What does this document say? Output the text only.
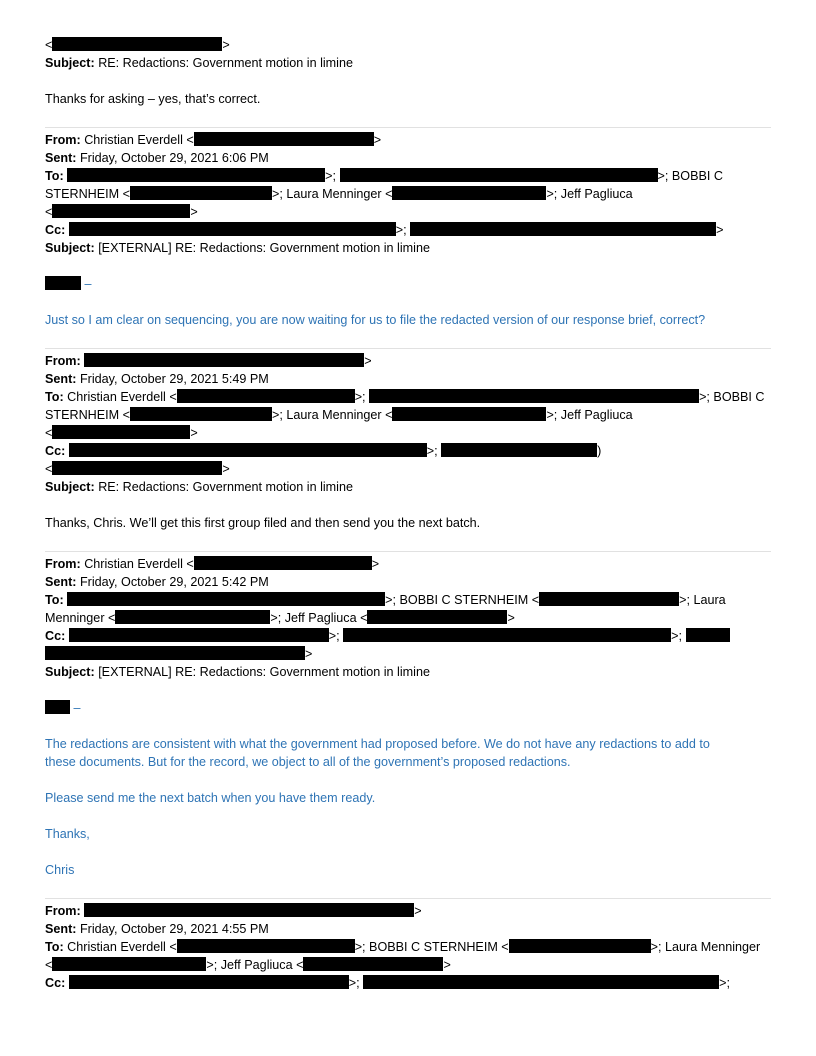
<	>
Subject: RE: Redactions: Government motion in limine
Thanks for asking – yes, that’s correct.
From: Christian Everdell <	>
Sent: Friday, October 29, 2021 6:06 PM
To:	>;	>; BOBBI C
STERNHEIM <	>; Laura Menninger <	>; Jeff Pagliuca
<	>
Cc:	>;	>
Subject: [EXTERNAL] RE: Redactions: Government motion in limine
–
Just so I am clear on sequencing, you are now waiting for us to file the redacted version of our response brief, correct?
From:	>
Sent: Friday, October 29, 2021 5:49 PM
To: Christian Everdell <	>;	>; BOBBI C
STERNHEIM <	>; Laura Menninger <	>; Jeff Pagliuca
<	>
Cc:	>;	)
<	>
Subject: RE: Redactions: Government motion in limine
Thanks, Chris. We’ll get this first group filed and then send you the next batch.
From: Christian Everdell <	>
Sent: Friday, October 29, 2021 5:42 PM
To:	>; BOBBI C STERNHEIM <	>; Laura
Menninger <	>; Jeff Pagliuca <	>
Cc:	>;	>;
>
Subject: [EXTERNAL] RE: Redactions: Government motion in limine
–
The redactions are consistent with what the government had proposed before. We do not have any redactions to add to
these documents. But for the record, we object to all of the government’s proposed redactions.
Please send me the next batch when you have them ready.
Thanks,
Chris
From:	>
Sent: Friday, October 29, 2021 4:55 PM
To: Christian Everdell <	>; BOBBI C STERNHEIM <	>; Laura Menninger
<	>; Jeff Pagliuca <	>
Cc:	>;	>;
